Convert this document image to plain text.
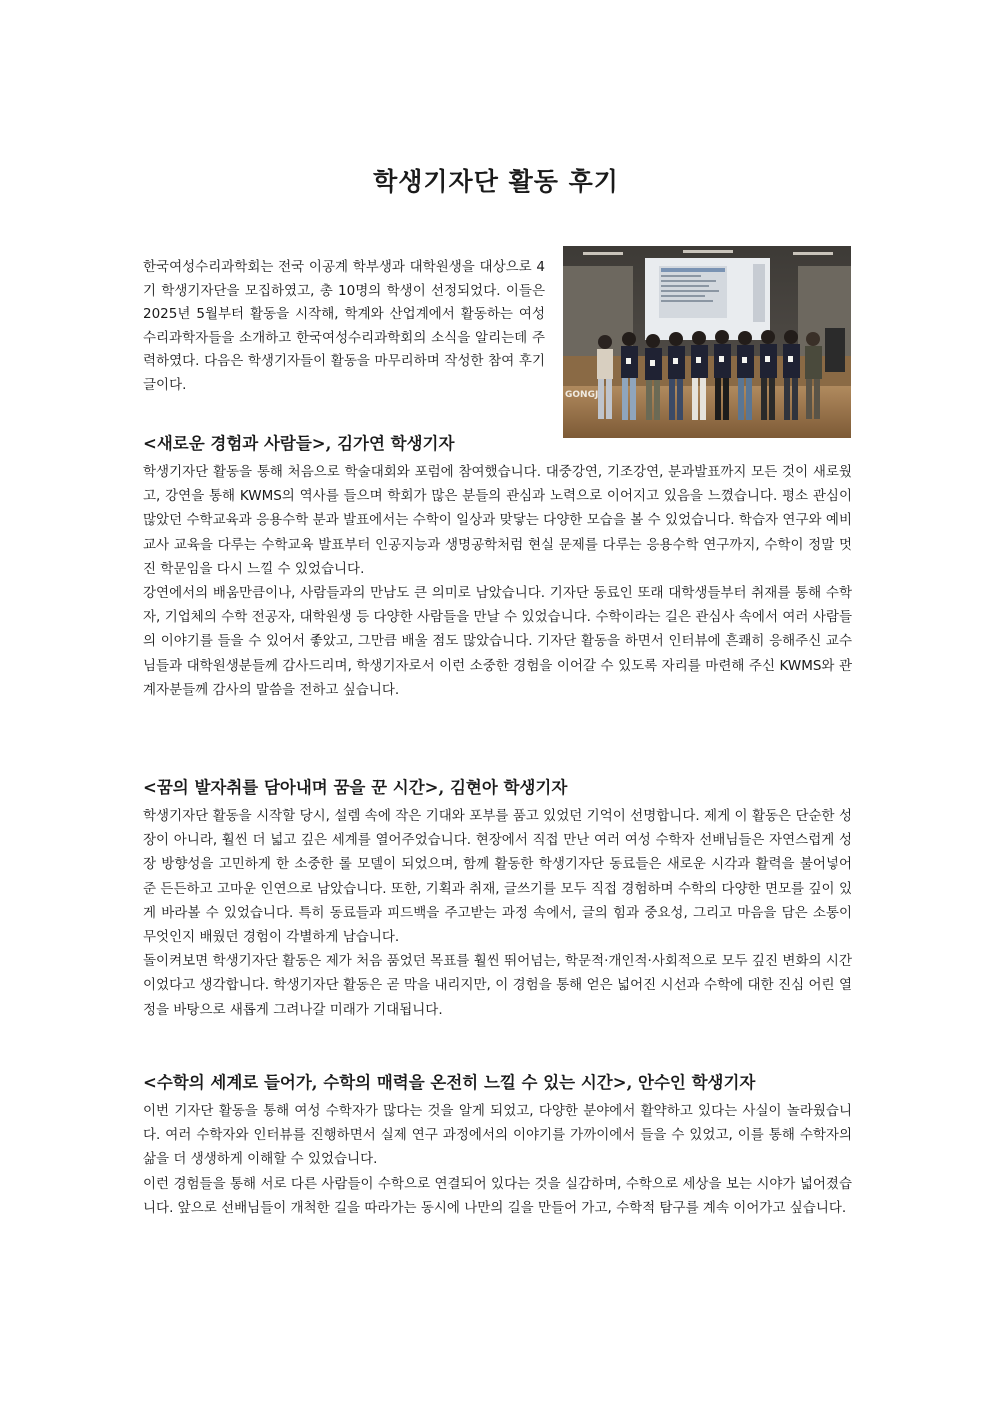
학생기자단 활동 후기

한국여성수리과학회는 전국 이공계 학부생과 대학원생을 대상으로 4기 학생기자단을 모집하였고, 총 10명의 학생이 선정되었다. 이들은 2025년 5월부터 활동을 시작해, 학계와 산업계에서 활동하는 여성수리과학자들을 소개하고 한국여성수리과학회의 소식을 알리는데 주력하였다. 다음은 학생기자들이 활동을 마무리하며 작성한 참여 후기 글이다.

GONGJ
<새로운 경험과 사람들>, 김가연 학생기자

학생기자단 활동을 통해 처음으로 학술대회와 포럼에 참여했습니다. 대중강연, 기조강연, 분과발표까지 모든 것이 새로웠고, 강연을 통해 KWMS의 역사를 들으며 학회가 많은 분들의 관심과 노력으로 이어지고 있음을 느꼈습니다. 평소 관심이 많았던 수학교육과 응용수학 분과 발표에서는 수학이 일상과 맞닿는 다양한 모습을 볼 수 있었습니다. 학습자 연구와 예비 교사 교육을 다루는 수학교육 발표부터 인공지능과 생명공학처럼 현실 문제를 다루는 응용수학 연구까지, 수학이 정말 멋진 학문임을 다시 느낄 수 있었습니다.

강연에서의 배움만큼이나, 사람들과의 만남도 큰 의미로 남았습니다. 기자단 동료인 또래 대학생들부터 취재를 통해 수학자, 기업체의 수학 전공자, 대학원생 등 다양한 사람들을 만날 수 있었습니다. 수학이라는 길은 관심사 속에서 여러 사람들의 이야기를 들을 수 있어서 좋았고, 그만큼 배울 점도 많았습니다. 기자단 활동을 하면서 인터뷰에 흔쾌히 응해주신 교수님들과 대학원생분들께 감사드리며, 학생기자로서 이런 소중한 경험을 이어갈 수 있도록 자리를 마련해 주신 KWMS와 관계자분들께 감사의 말씀을 전하고 싶습니다.

<꿈의 발자취를 담아내며 꿈을 꾼 시간>, 김현아 학생기자

학생기자단 활동을 시작할 당시, 설렘 속에 작은 기대와 포부를 품고 있었던 기억이 선명합니다. 제게 이 활동은 단순한 성장이 아니라, 훨씬 더 넓고 깊은 세계를 열어주었습니다. 현장에서 직접 만난 여러 여성 수학자 선배님들은 자연스럽게 성장 방향성을 고민하게 한 소중한 롤 모델이 되었으며, 함께 활동한 학생기자단 동료들은 새로운 시각과 활력을 불어넣어 준 든든하고 고마운 인연으로 남았습니다. 또한, 기획과 취재, 글쓰기를 모두 직접 경험하며 수학의 다양한 면모를 깊이 있게 바라볼 수 있었습니다. 특히 동료들과 피드백을 주고받는 과정 속에서, 글의 힘과 중요성, 그리고 마음을 담은 소통이 무엇인지 배웠던 경험이 각별하게 남습니다.

돌이켜보면 학생기자단 활동은 제가 처음 품었던 목표를 훨씬 뛰어넘는, 학문적·개인적·사회적으로 모두 깊진 변화의 시간이었다고 생각합니다. 학생기자단 활동은 곧 막을 내리지만, 이 경험을 통해 얻은 넓어진 시선과 수학에 대한 진심 어린 열정을 바탕으로 새롭게 그려나갈 미래가 기대됩니다.

<수학의 세계로 들어가, 수학의 매력을 온전히 느낄 수 있는 시간>, 안수인 학생기자

이번 기자단 활동을 통해 여성 수학자가 많다는 것을 알게 되었고, 다양한 분야에서 활약하고 있다는 사실이 놀라웠습니다. 여러 수학자와 인터뷰를 진행하면서 실제 연구 과정에서의 이야기를 가까이에서 들을 수 있었고, 이를 통해 수학자의 삶을 더 생생하게 이해할 수 있었습니다.

이런 경험들을 통해 서로 다른 사람들이 수학으로 연결되어 있다는 것을 실감하며, 수학으로 세상을 보는 시야가 넓어졌습니다. 앞으로 선배님들이 개척한 길을 따라가는 동시에 나만의 길을 만들어 가고, 수학적 탐구를 계속 이어가고 싶습니다.
